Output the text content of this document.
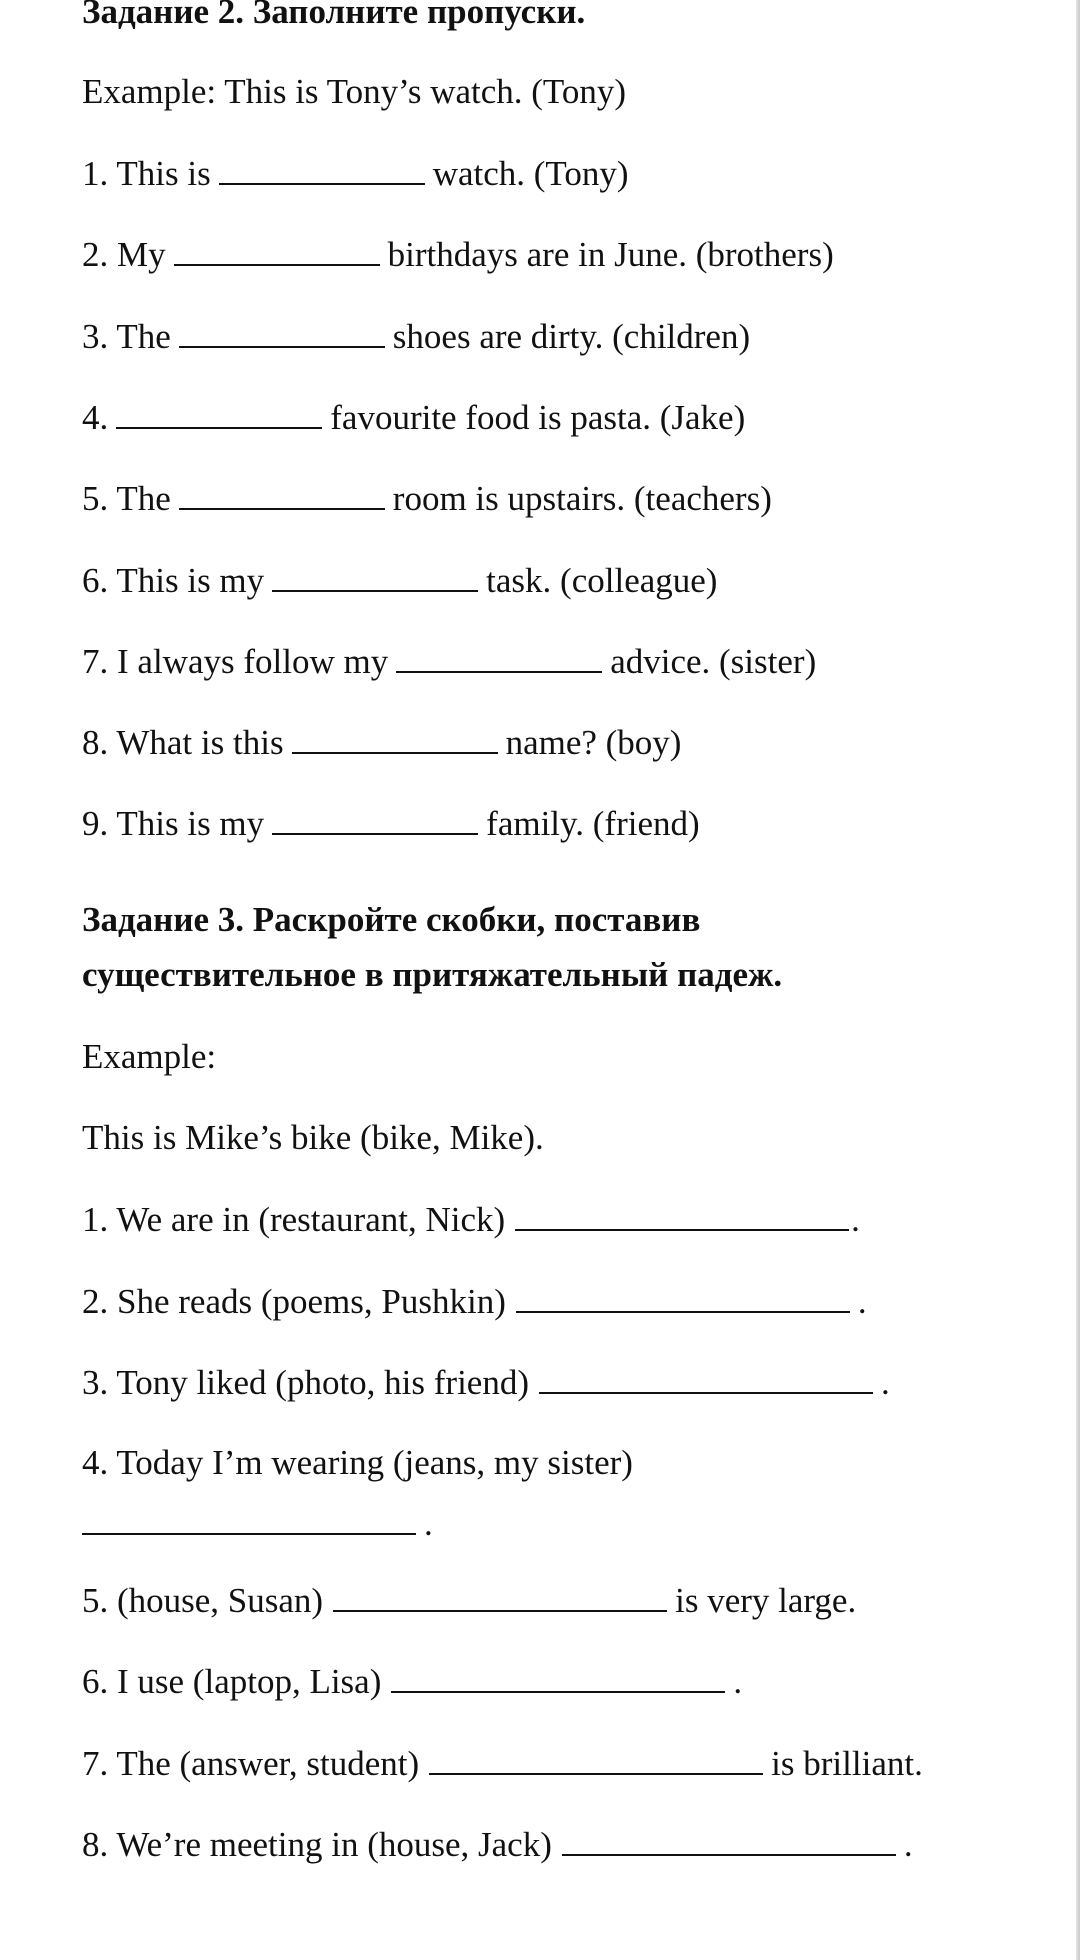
Задание 2. Заполните пропуски.
Example: This is Tony’s watch. (Tony)
1. This is	watch. (Tony)
2. My	birthdays are in June. (brothers)
3. The	shoes are dirty. (children)
4.	favourite food is pasta. (Jake)
5. The	room is upstairs. (teachers)
6. This is my	task. (colleague)
7. I always follow my	advice. (sister)
8. What is this	name? (boy)
9. This is my	family. (friend)
Задание 3. Раскройте скобки, поставив
существительное в притяжательный падеж.
Example:
This is Mike’s bike (bike, Mike).
1. We are in (restaurant, Nick)	.
2. She reads (poems, Pushkin)	.
3. Tony liked (photo, his friend)	.
4. Today I’m wearing (jeans, my sister)
.
5. (house, Susan)	is very large.
6. I use (laptop, Lisa)	.
7. The (answer, student)	is brilliant.
8. We’re meeting in (house, Jack)	.
